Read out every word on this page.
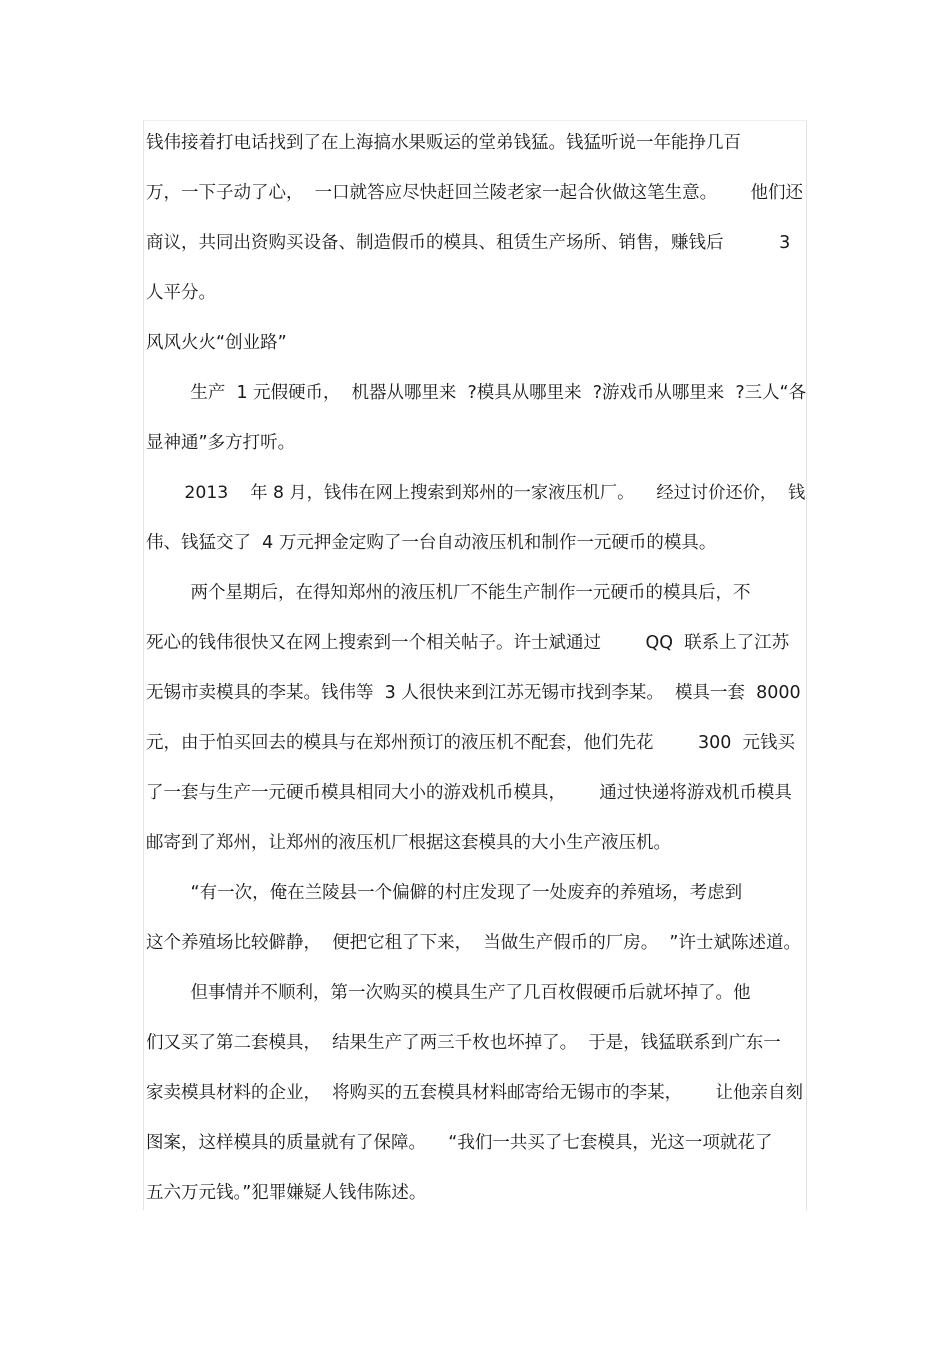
钱伟接着打电话找到了在上海搞水果贩运的堂弟钱猛。钱猛听说一年能挣几百
万，一下子动了心，  一口就答应尽快赶回兰陵老家一起合伙做这笔生意。      他们还
商议，共同出资购买设备、制造假币的模具、租赁生产场所、销售，赚钱后          3
人平分。
风风火火“创业路”
生产  1 元假硬币，  机器从哪里来  ?模具从哪里来  ?游戏币从哪里来  ?三人“各
显神通”多方打听。
2013    年 8 月，钱伟在网上搜索到郑州的一家液压机厂。    经过讨价还价，  钱
伟、钱猛交了  4 万元押金定购了一台自动液压机和制作一元硬币的模具。
两个星期后，在得知郑州的液压机厂不能生产制作一元硬币的模具后，不
死心的钱伟很快又在网上搜索到一个相关帖子。许士斌通过        QQ  联系上了江苏
无锡市卖模具的李某。钱伟等  3 人很快来到江苏无锡市找到李某。  模具一套  8000
元，由于怕买回去的模具与在郑州预订的液压机不配套，他们先花        300  元钱买
了一套与生产一元硬币模具相同大小的游戏机币模具，      通过快递将游戏机币模具
邮寄到了郑州，让郑州的液压机厂根据这套模具的大小生产液压机。
“有一次，俺在兰陵县一个偏僻的村庄发现了一处废弃的养殖场，考虑到
这个养殖场比较僻静，  便把它租了下来，  当做生产假币的厂房。  ”许士斌陈述道。
但事情并不顺利，第一次购买的模具生产了几百枚假硬币后就坏掉了。他
们又买了第二套模具，  结果生产了两三千枚也坏掉了。  于是，钱猛联系到广东一
家卖模具材料的企业，  将购买的五套模具材料邮寄给无锡市的李某，      让他亲自刻
图案，这样模具的质量就有了保障。    “我们一共买了七套模具，光这一项就花了
五六万元钱。”犯罪嫌疑人钱伟陈述。
